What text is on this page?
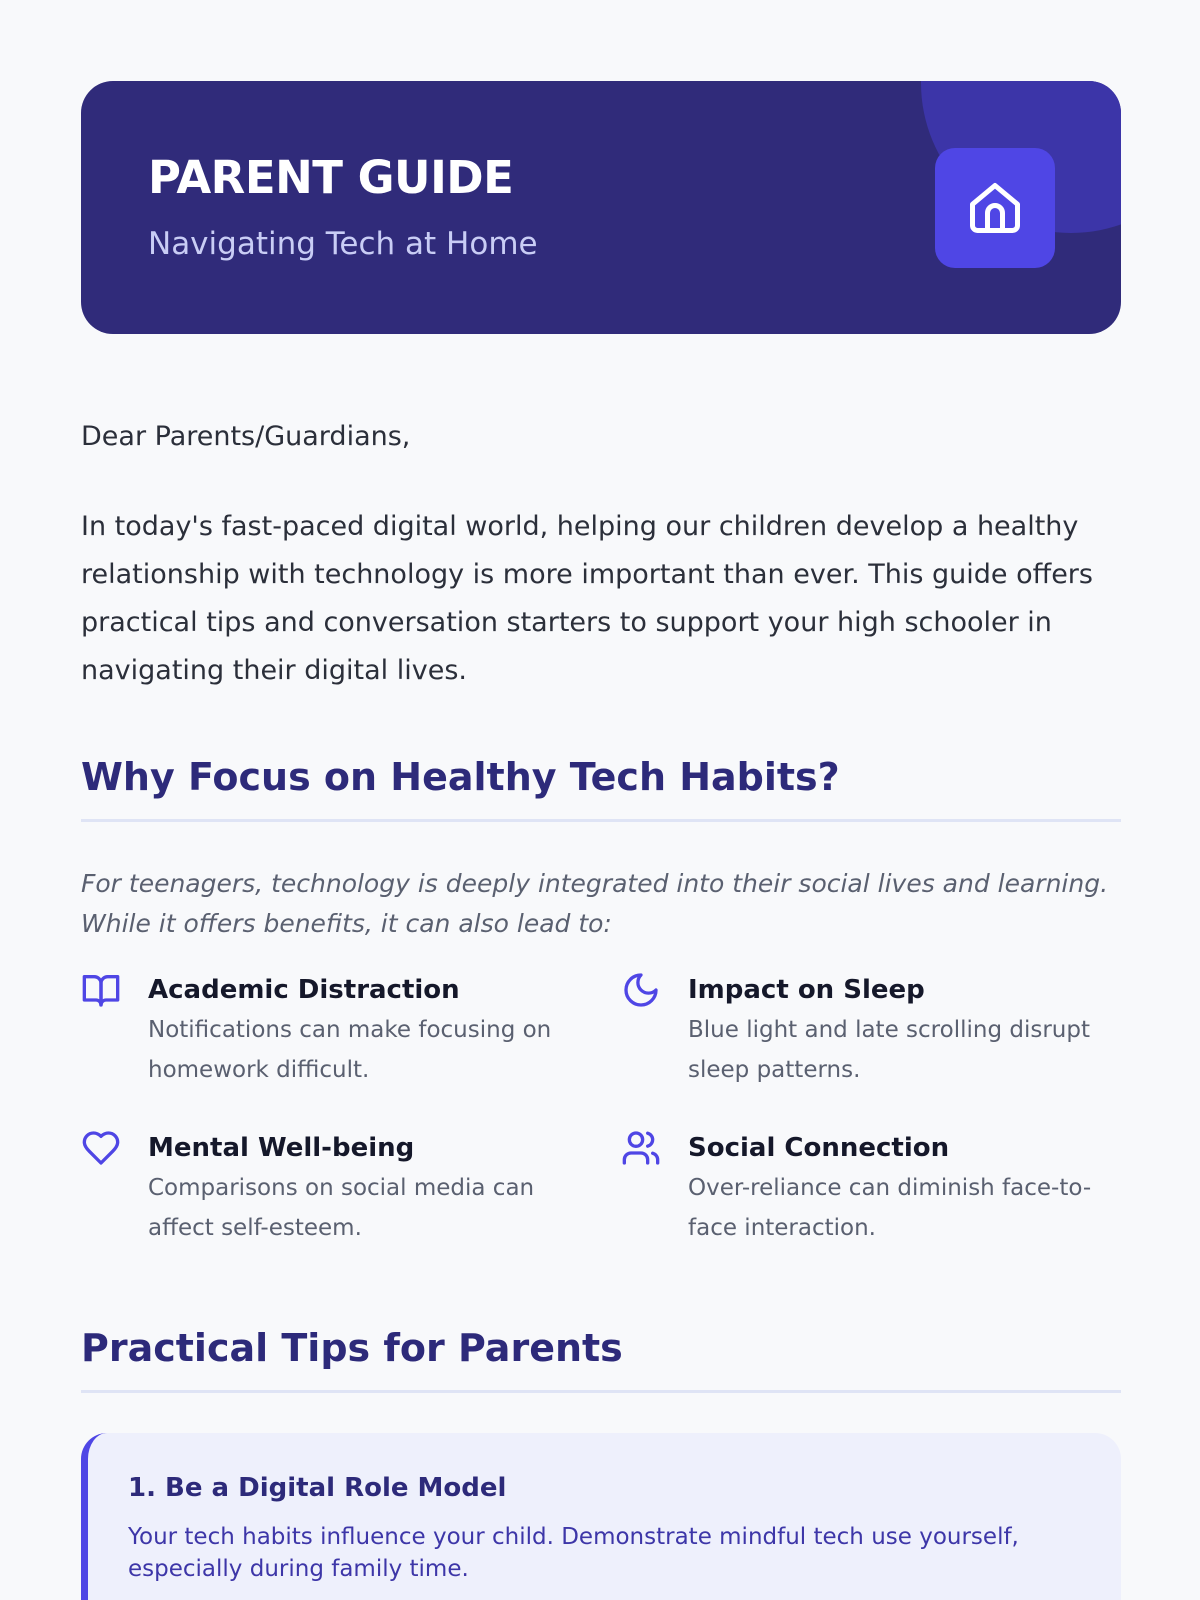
PARENT GUIDE
Navigating Tech at Home

Dear Parents/Guardians,

In today's fast-paced digital world, helping our children develop a healthy relationship with technology is more important than ever. This guide offers practical tips and conversation starters to support your high schooler in navigating their digital lives.

Why Focus on Healthy Tech Habits?

For teenagers, technology is deeply integrated into their social lives and learning. While it offers benefits, it can also lead to:

Academic Distraction
Notifications can make focusing on homework difficult.
Impact on Sleep
Blue light and late scrolling disrupt sleep patterns.
Mental Well-being
Comparisons on social media can affect self-esteem.
Social Connection
Over-reliance can diminish face-to-face interaction.
Practical Tips for Parents
1. Be a Digital Role Model
Your tech habits influence your child. Demonstrate mindful tech use yourself, especially during family time.
